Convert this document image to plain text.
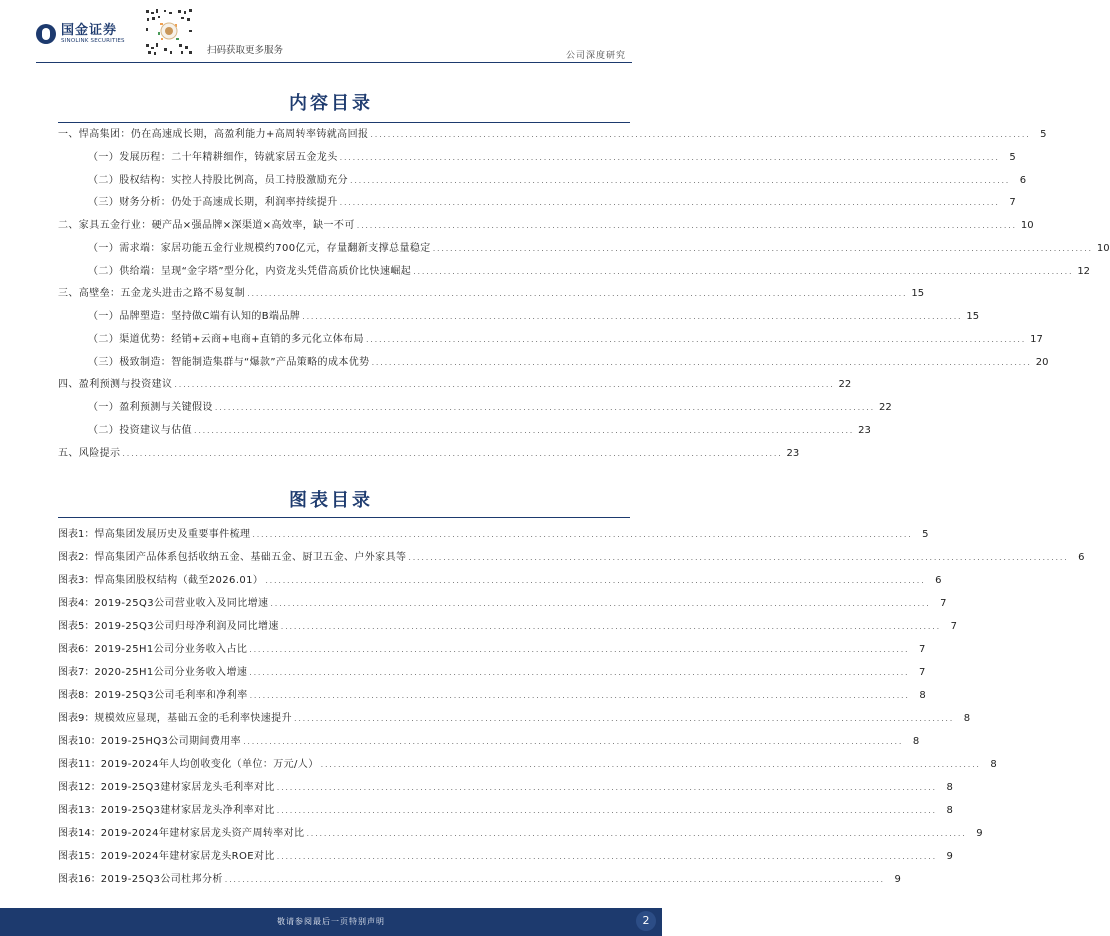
国金证券
SINOLINK SECURITIES
扫码获取更多服务	公司深度研究
内容目录
一、悍高集团：仍在高速成长期，高盈利能力+高周转率铸就高回报 ........................................................................................................................................................ 5
（一）发展历程：二十年精耕细作，铸就家居五金龙头 ........................................................................................................................................................ 5
（二）股权结构：实控人持股比例高，员工持股激励充分 ........................................................................................................................................................ 6
（三）财务分析：仍处于高速成长期，利润率持续提升 ........................................................................................................................................................ 7
二、家具五金行业：硬产品×强品牌×深渠道×高效率，缺一不可 ........................................................................................................................................................ 10
（一）需求端：家居功能五金行业规模约700亿元，存量翻新支撑总量稳定 ........................................................................................................................................................ 10
（二）供给端：呈现“金字塔”型分化，内资龙头凭借高质价比快速崛起 ........................................................................................................................................................ 12
三、高壁垒：五金龙头进击之路不易复制 ........................................................................................................................................................ 15
（一）品牌塑造：坚持做C端有认知的B端品牌 ........................................................................................................................................................ 15
（二）渠道优势：经销+云商+电商+直销的多元化立体布局 ........................................................................................................................................................ 17
（三）极致制造：智能制造集群与“爆款”产品策略的成本优势 ........................................................................................................................................................ 20
四、盈利预测与投资建议 ........................................................................................................................................................ 22
（一）盈利预测与关键假设 ........................................................................................................................................................ 22
（二）投资建议与估值 ........................................................................................................................................................ 23
五、风险提示 ........................................................................................................................................................ 23
图表目录
图表1： 悍高集团发展历史及重要事件梳理 ........................................................................................................................................................ 5
图表2： 悍高集团产品体系包括收纳五金、基础五金、厨卫五金、户外家具等 ........................................................................................................................................................ 6
图表3： 悍高集团股权结构（截至2026.01） ........................................................................................................................................................ 6
图表4： 2019-25Q3公司营业收入及同比增速 ........................................................................................................................................................ 7
图表5： 2019-25Q3公司归母净利润及同比增速 ........................................................................................................................................................ 7
图表6： 2019-25H1公司分业务收入占比 ........................................................................................................................................................ 7
图表7： 2020-25H1公司分业务收入增速 ........................................................................................................................................................ 7
图表8： 2019-25Q3公司毛利率和净利率 ........................................................................................................................................................ 8
图表9： 规模效应显现，基础五金的毛利率快速提升 ........................................................................................................................................................ 8
图表10： 2019-25HQ3公司期间费用率 ........................................................................................................................................................ 8
图表11： 2019-2024年人均创收变化（单位：万元/人） ........................................................................................................................................................ 8
图表12： 2019-25Q3建材家居龙头毛利率对比 ........................................................................................................................................................ 8
图表13： 2019-25Q3建材家居龙头净利率对比 ........................................................................................................................................................ 8
图表14： 2019-2024年建材家居龙头资产周转率对比 ........................................................................................................................................................ 9
图表15： 2019-2024年建材家居龙头ROE对比 ........................................................................................................................................................ 9
图表16： 2019-25Q3公司杜邦分析 ........................................................................................................................................................ 9
敬请参阅最后一页特别声明	2
